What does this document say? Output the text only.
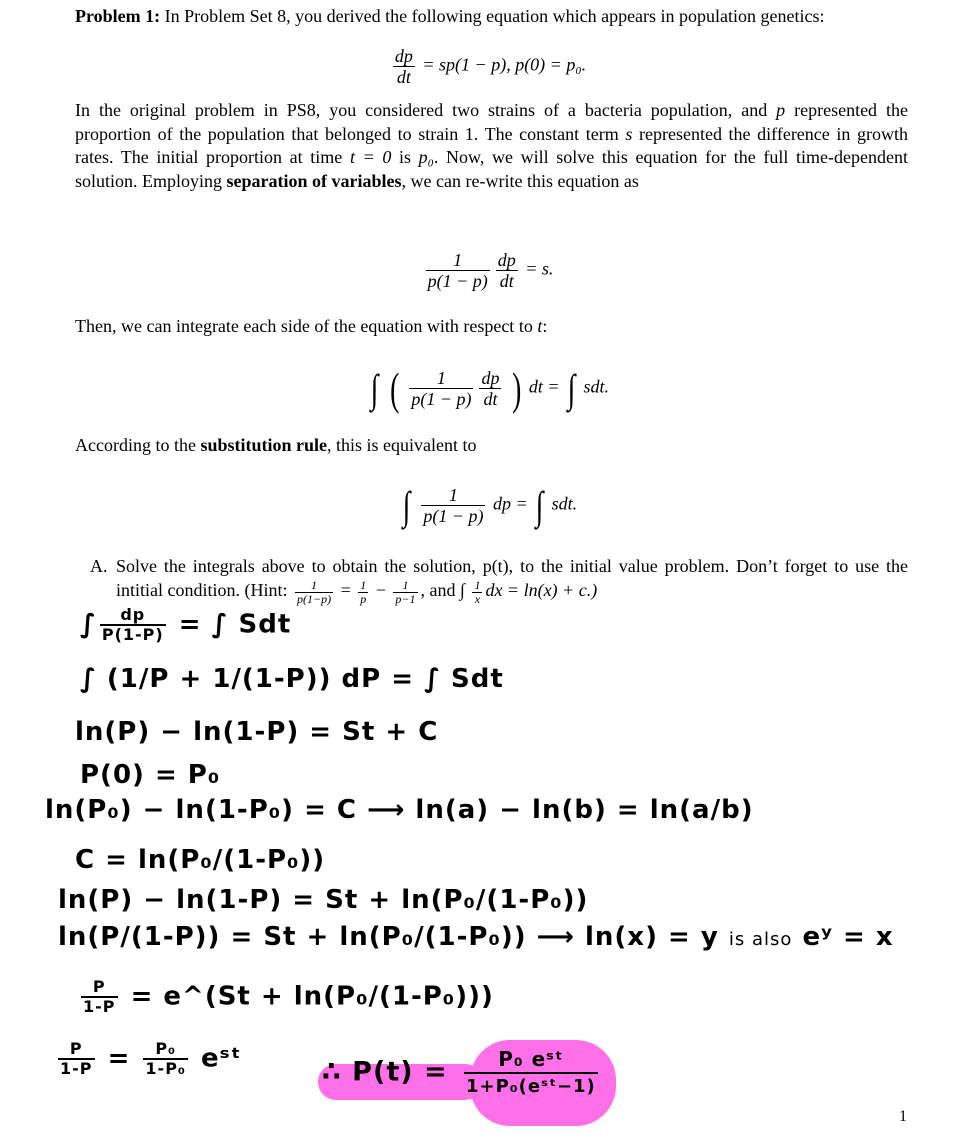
Problem 1: In Problem Set 8, you derived the following equation which appears in population genetics:
$\frac{dp}{dt} = sp(1 - p)$, p(0) = p₀.
In the original problem in PS8, you considered two strains of a bacteria population, and p represented the proportion of the population that belonged to strain 1. The constant term s represented the difference in growth rates. The initial proportion at time t = 0 is p₀. Now, we will solve this equation for the full time-dependent solution. Employing separation of variables, we can re-write this equation as
$\frac{1}{p(1 - p)} \frac{dp}{dt} = s$.
Then, we can integrate each side of the equation with respect to t:
∫ ( $\frac{1}{p(1 - p)} \frac{dp}{dt}$ ) dt = ∫ sdt.
According to the substitution rule, this is equivalent to
∫ $\frac{1}{p(1 - p)}$ dp = ∫ sdt.
A. Solve the integrals above to obtain the solution, p(t), to the initial value problem. Don’t forget to use the intitial condition. (Hint: $\frac{1}{p(1-p)} = \frac{1}{p} - \frac{1}{p-1}$ , and ∫ $\frac{1}{x}$ dx = ln(x) + c.)
∫ $\frac{dp}{P(1-P)}$ = ∫ Sdt
∫ (1/P + 1/(1-P)) dP = ∫ Sdt
ln(P) − ln(1-P) = St + C
P(0) = P₀
ln(P₀) − ln(1-P₀) = C ⟶ ln(a) − ln(b) = ln(a/b)
C = ln(P₀/(1-P₀))
ln(P) − ln(1-P) = St + ln(P₀/(1-P₀))
ln(P/(1-P)) = St + ln(P₀/(1-P₀)) ⟶ ln(x) = y is also eʸ = x
$\frac{P}{1-P}$ = e^(St + ln(P₀/(1-P₀)))
$\frac{P}{1-P} = \frac{\text{P₀}}{\text{1-P₀}}$ eˢᵗ	∴ $P(t) = \frac{\text{P₀ eˢᵗ}}{\text{1+P₀(eˢᵗ−1)}}$
1
